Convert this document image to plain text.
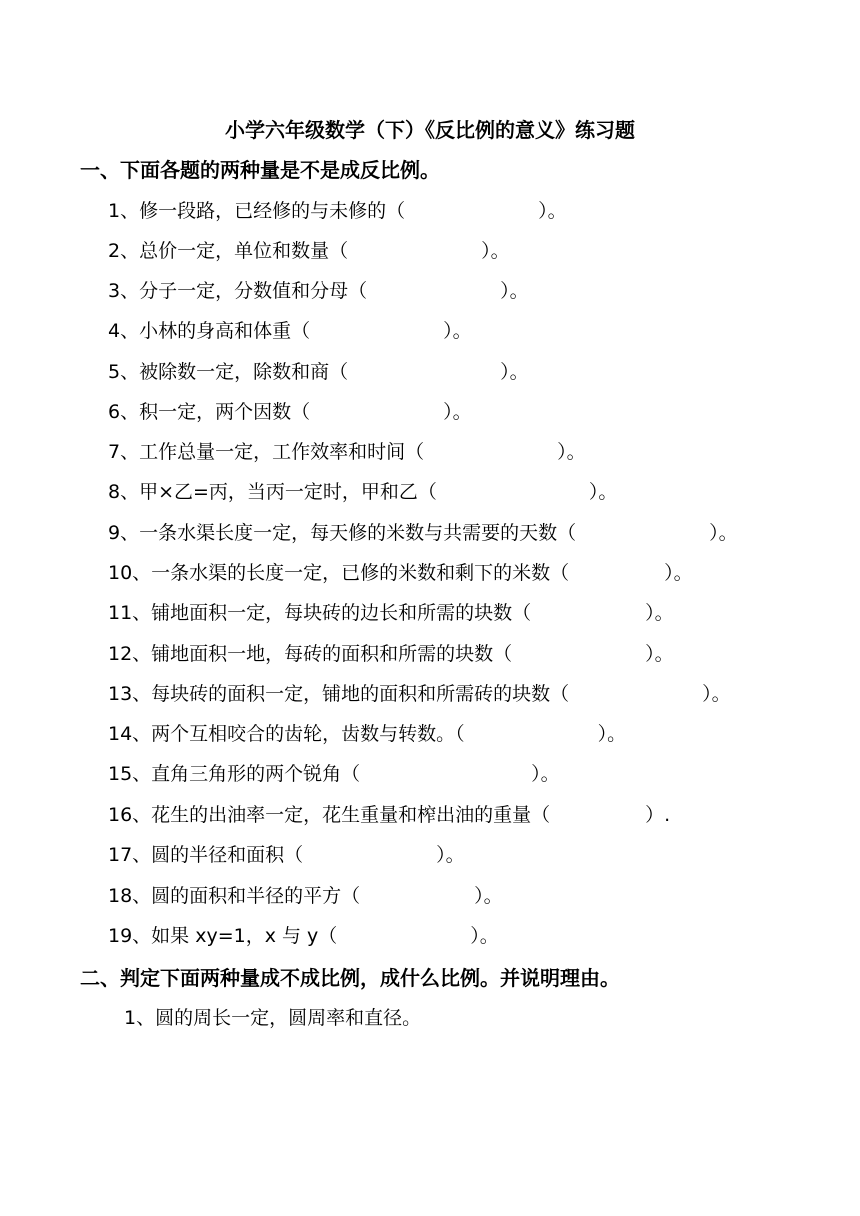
小学六年级数学（下）《反比例的意义》练习题
一、下面各题的两种量是不是成反比例。
1、修一段路，已经修的与未修的（　　　　　　　）。
2、总价一定，单位和数量（　　　　　　　）。
3、分子一定，分数值和分母（　　　　　　　）。
4、小林的身高和体重（　　　　　　　）。
5、被除数一定，除数和商（　　　　　　　　）。
6、积一定，两个因数（　　　　　　　）。
7、工作总量一定，工作效率和时间（　　　　　　　）。
8、甲×乙=丙，当丙一定时，甲和乙（　　　　　　　　）。
9、一条水渠长度一定，每天修的米数与共需要的天数（　　　　　　　）。
10、一条水渠的长度一定，已修的米数和剩下的米数（　　　　　）。
11、铺地面积一定，每块砖的边长和所需的块数（　　　　　　）。
12、铺地面积一地，每砖的面积和所需的块数（　　　　　　　）。
13、每块砖的面积一定，铺地的面积和所需砖的块数（　　　　　　　）。
14、两个互相咬合的齿轮，齿数与转数。（　　　　　　　）。
15、直角三角形的两个锐角（　　　　　　　　　）。
16、花生的出油率一定，花生重量和榨出油的重量（　　　　　）.
17、圆的半径和面积（　　　　　　　）。
18、圆的面积和半径的平方（　　　　　　）。
19、如果 xy=1，x 与 y（　　　　　　　）。
二、判定下面两种量成不成比例，成什么比例。并说明理由。
1、圆的周长一定，圆周率和直径。
